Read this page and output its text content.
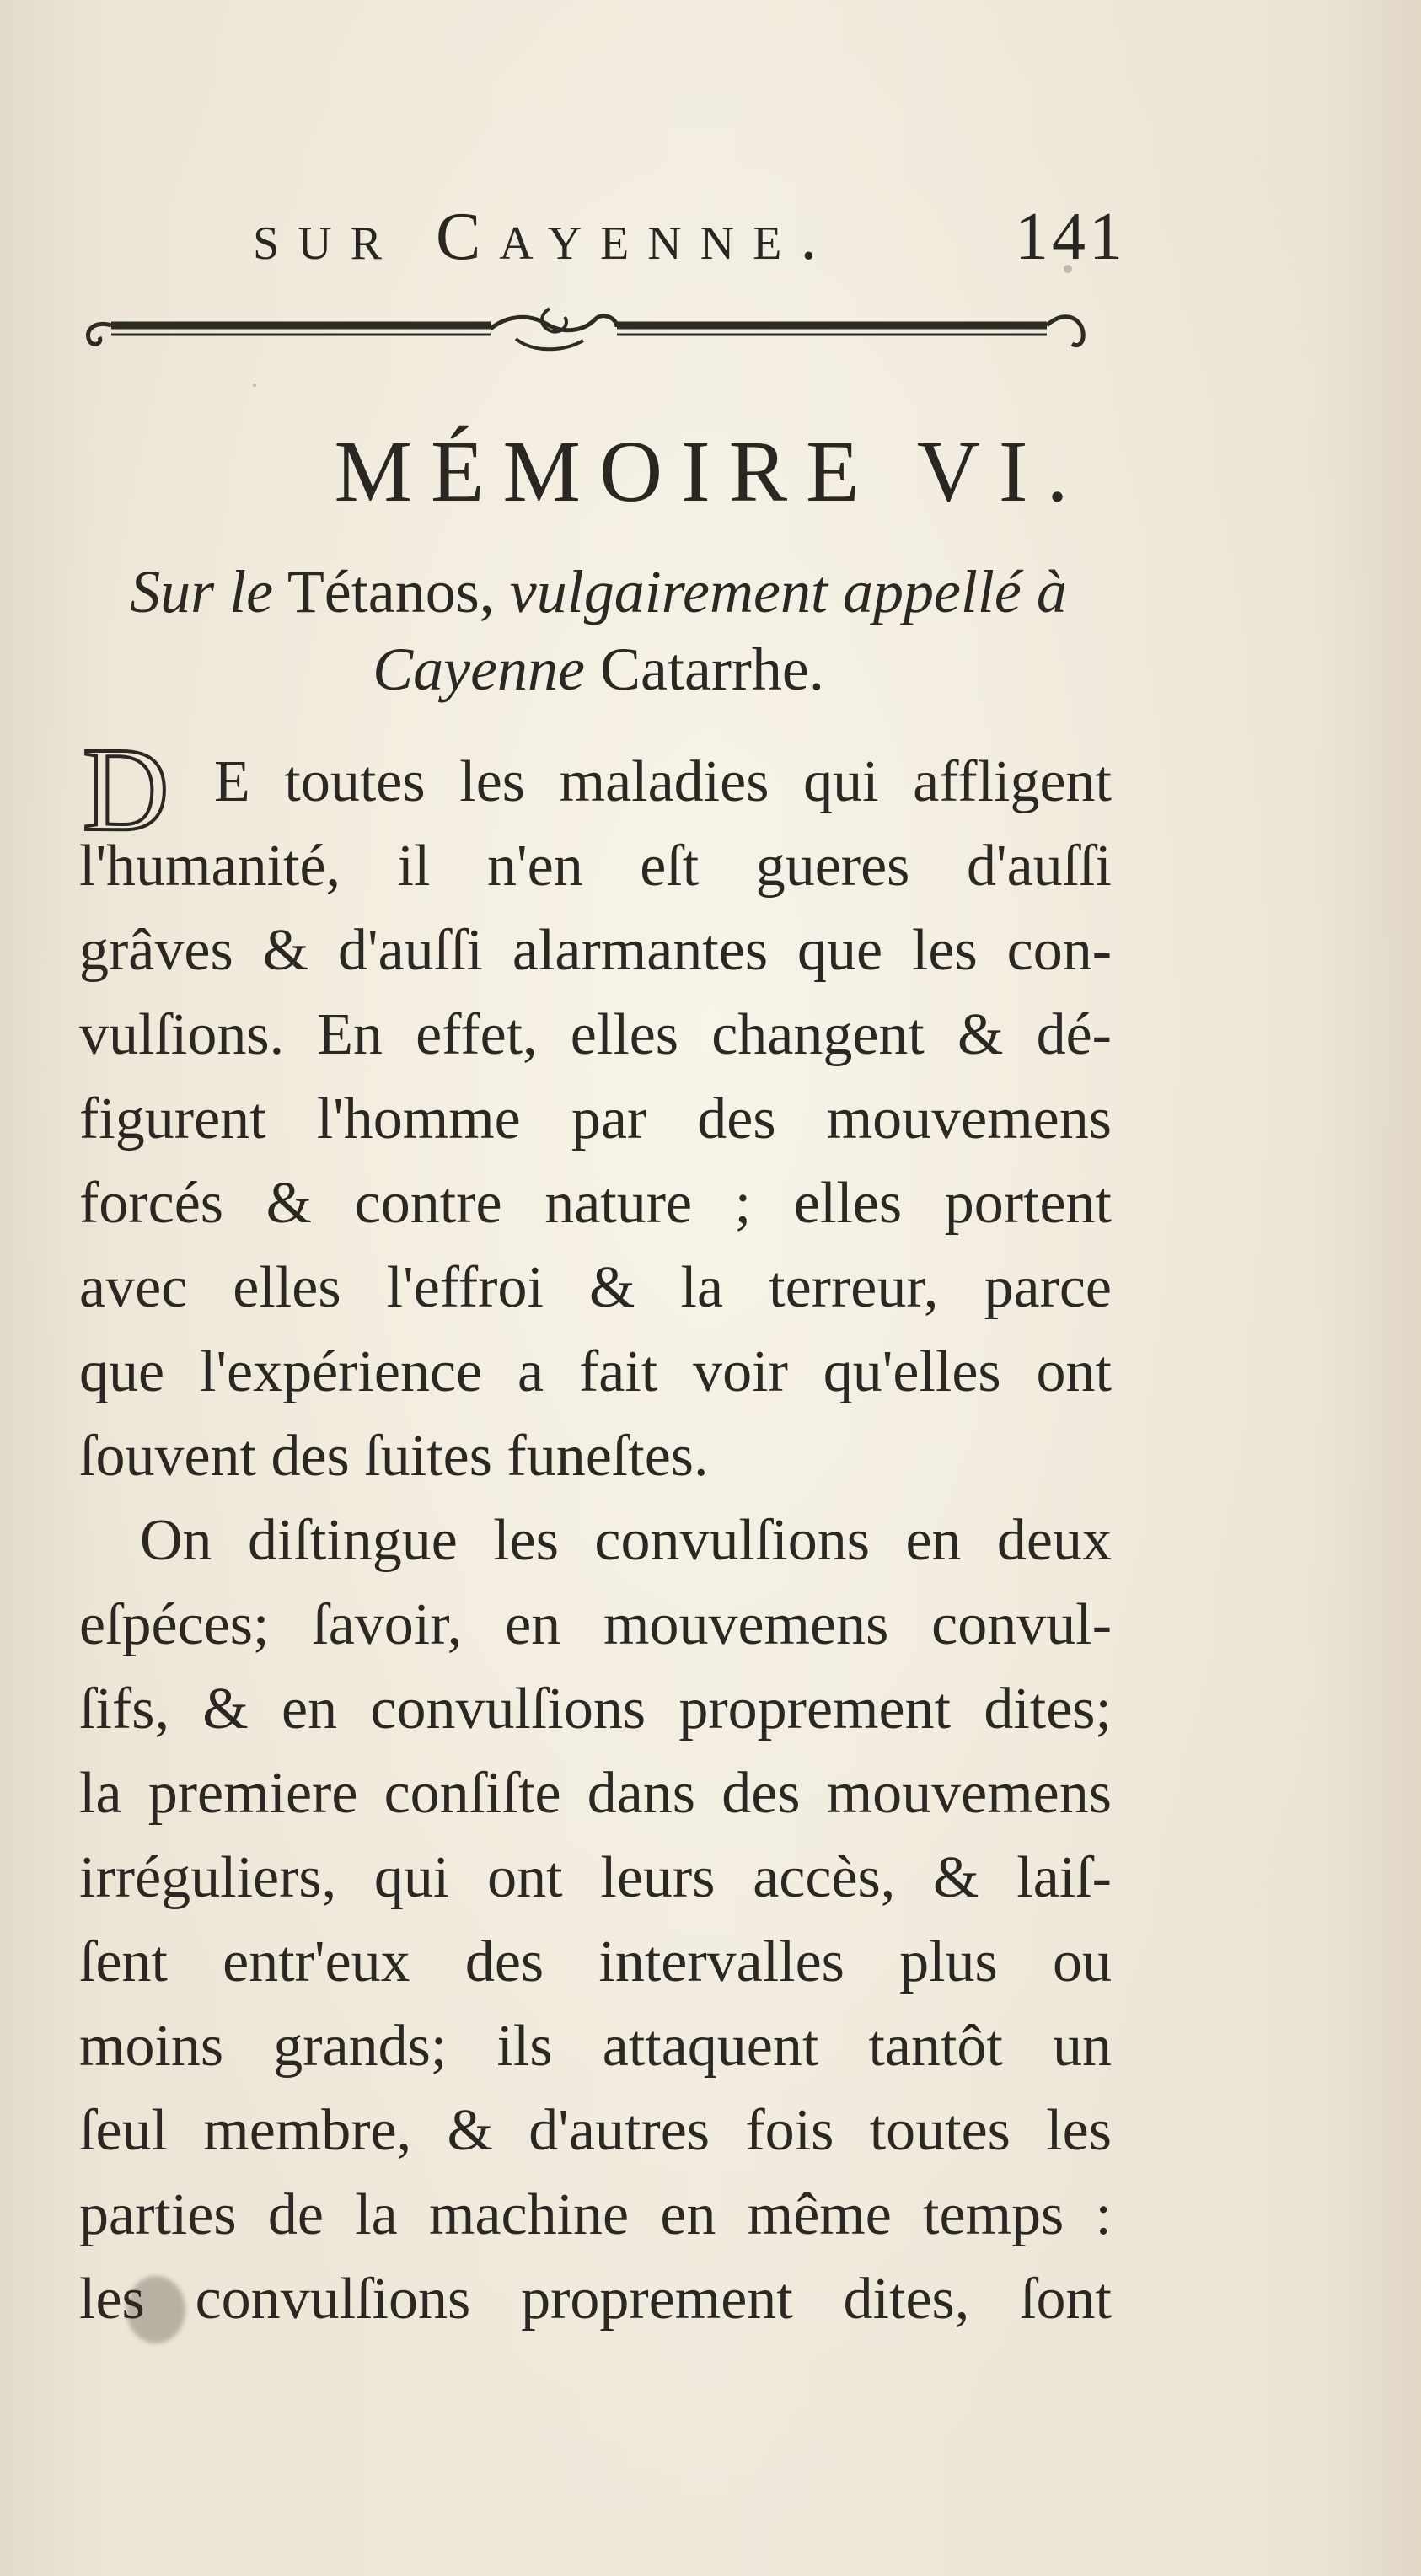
sur Cayenne.	141
MÉMOIRE VI.
Sur le Tétanos, vulgairement appellé à
Cayenne Catarrhe.
D E toutes les maladies qui affligent
l'humanité, il n'en eſt gueres d'auſſi
grâves & d'auſſi alarmantes que les con-
vulſions. En effet, elles changent & dé-
figurent l'homme par des mouvemens
forcés & contre nature ; elles portent
avec elles l'effroi & la terreur, parce
que l'expérience a fait voir qu'elles ont
ſouvent des ſuites funeſtes.
On diſtingue les convulſions en deux
eſpéces; ſavoir, en mouvemens convul-
ſifs, & en convulſions proprement dites;
la premiere conſiſte dans des mouvemens
irréguliers, qui ont leurs accès, & laiſ-
ſent entr'eux des intervalles plus ou
moins grands; ils attaquent tantôt un
ſeul membre, & d'autres fois toutes les
parties de la machine en même temps :
les convulſions proprement dites, ſont
